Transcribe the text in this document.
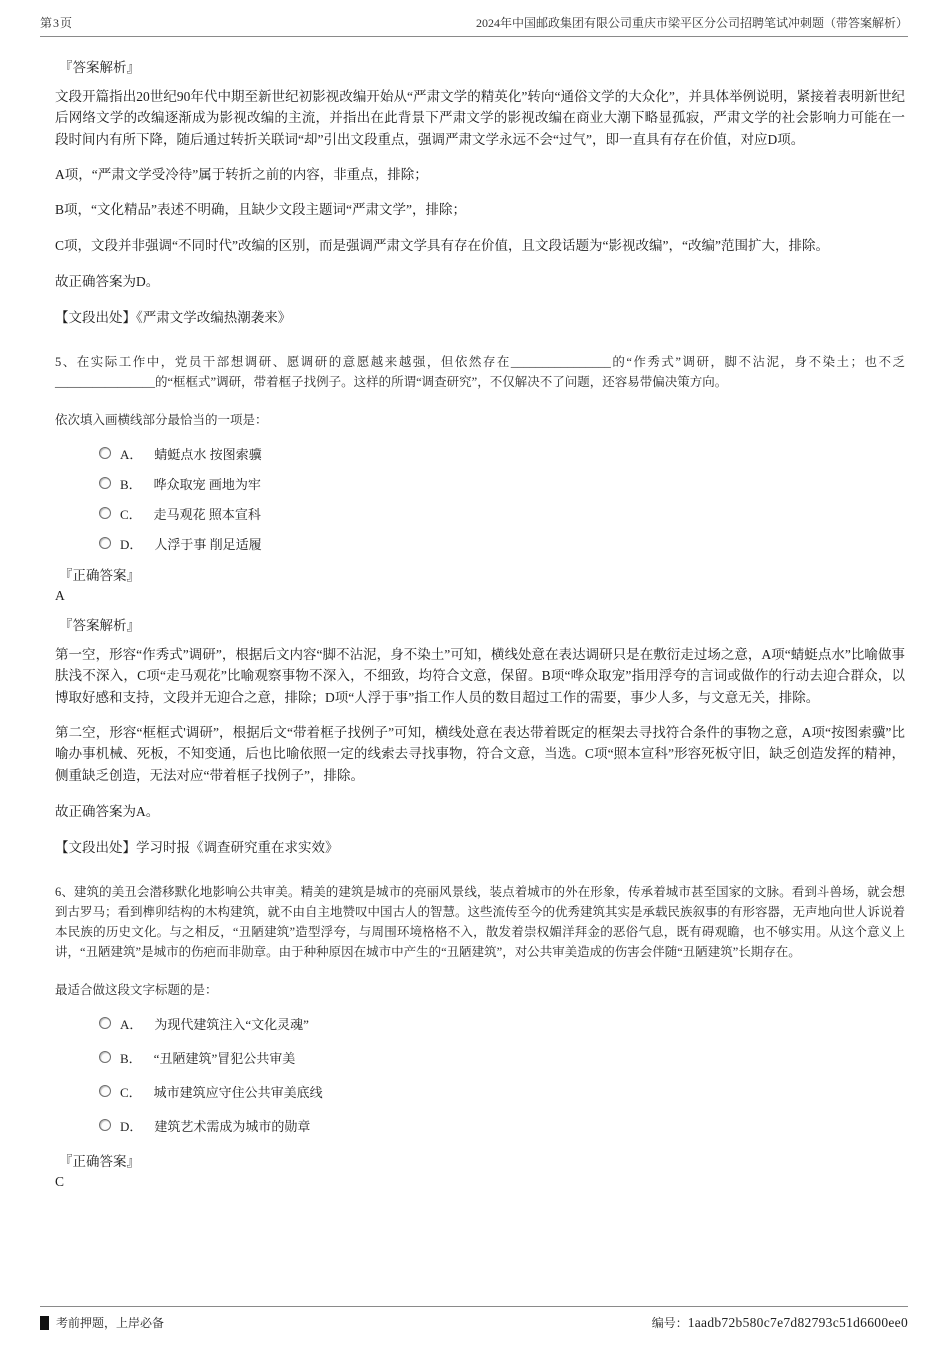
第3页	2024年中国邮政集团有限公司重庆市梁平区分公司招聘笔试冲刺题（带答案解析）
『答案解析』

文段开篇指出20世纪90年代中期至新世纪初影视改编开始从“严肃文学的精英化”转向“通俗文学的大众化”，并具体举例说明，紧接着表明新世纪后网络文学的改编逐渐成为影视改编的主流，并指出在此背景下严肃文学的影视改编在商业大潮下略显孤寂，严肃文学的社会影响力可能在一段时间内有所下降，随后通过转折关联词“却”引出文段重点，强调严肃文学永远不会“过气”，即一直具有存在价值，对应D项。

A项，“严肃文学受冷待”属于转折之前的内容，非重点，排除；

B项，“文化精品”表述不明确，且缺少文段主题词“严肃文学”，排除；

C项，文段并非强调“不同时代”改编的区别，而是强调严肃文学具有存在价值，且文段话题为“影视改编”，“改编”范围扩大，排除。

故正确答案为D。

【文段出处】《严肃文学改编热潮袭来》

5、在实际工作中，党员干部想调研、愿调研的意愿越来越强，但依然存在________________的“作秀式”调研，脚不沾泥，身不染土；也不乏________________的“框框式”调研，带着框子找例子。这样的所谓“调查研究”，不仅解决不了问题，还容易带偏决策方向。

依次填入画横线部分最恰当的一项是：

A． 蜻蜓点水 按图索骥
B． 哗众取宠 画地为牢
C． 走马观花 照本宣科
D． 人浮于事 削足适履
『正确答案』
A
『答案解析』

第一空，形容“作秀式”调研”，根据后文内容“脚不沾泥，身不染土”可知，横线处意在表达调研只是在敷衍走过场之意，A项“蜻蜓点水”比喻做事肤浅不深入，C项“走马观花”比喻观察事物不深入，不细致，均符合文意，保留。B项“哗众取宠”指用浮夸的言词或做作的行动去迎合群众，以博取好感和支持，文段并无迎合之意，排除；D项“人浮于事”指工作人员的数目超过工作的需要，事少人多，与文意无关，排除。

第二空，形容“框框式'调研”，根据后文“带着框子找例子”可知，横线处意在表达带着既定的框架去寻找符合条件的事物之意，A项“按图索骥”比喻办事机械、死板，不知变通，后也比喻依照一定的线索去寻找事物，符合文意，当选。C项“照本宣科”形容死板守旧，缺乏创造发挥的精神，侧重缺乏创造，无法对应“带着框子找例子”，排除。

故正确答案为A。

【文段出处】学习时报《调查研究重在求实效》

6、建筑的美丑会潜移默化地影响公共审美。精美的建筑是城市的亮丽风景线，装点着城市的外在形象，传承着城市甚至国家的文脉。看到斗兽场，就会想到古罗马；看到榫卯结构的木构建筑，就不由自主地赞叹中国古人的智慧。这些流传至今的优秀建筑其实是承载民族叙事的有形容器，无声地向世人诉说着本民族的历史文化。与之相反，“丑陋建筑”造型浮夸，与周围环境格格不入，散发着崇权媚洋拜金的恶俗气息，既有碍观瞻，也不够实用。从这个意义上讲，“丑陋建筑”是城市的伤疤而非勋章。由于种种原因在城市中产生的“丑陋建筑”，对公共审美造成的伤害会伴随“丑陋建筑”长期存在。

最适合做这段文字标题的是：

A． 为现代建筑注入“文化灵魂”
B． “丑陋建筑”冒犯公共审美
C． 城市建筑应守住公共审美底线
D． 建筑艺术需成为城市的勋章
『正确答案』
C
考前押题，上岸必备	编号：1aadb72b580c7e7d82793c51d6600ee0
